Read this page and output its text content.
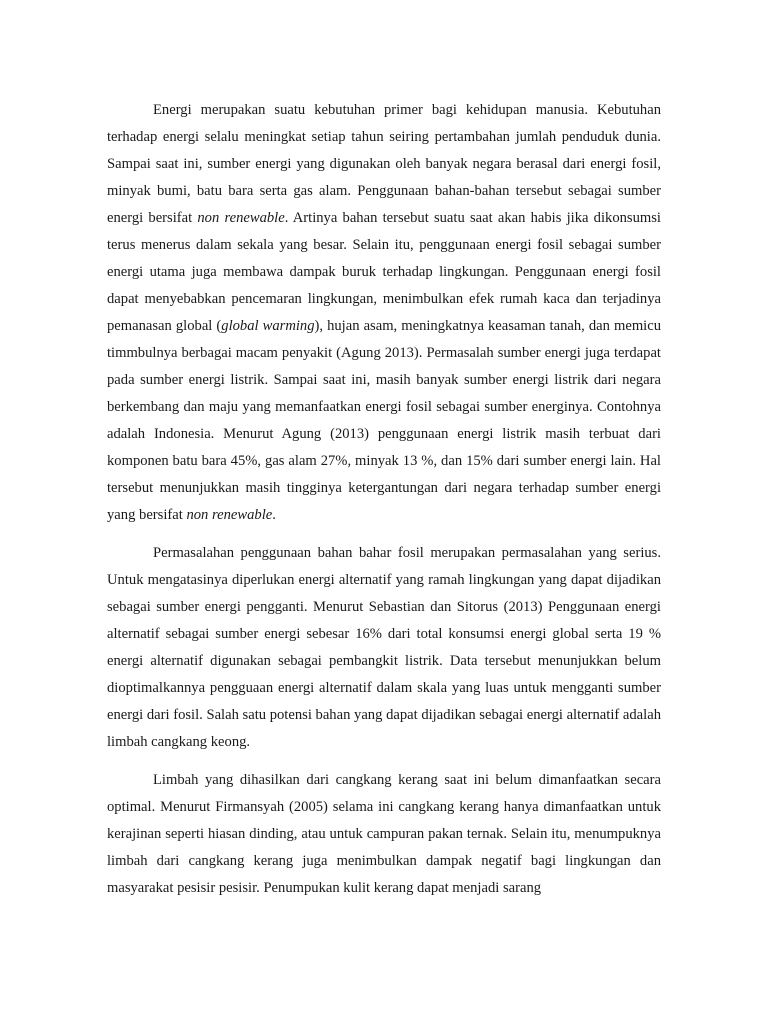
Energi merupakan suatu kebutuhan primer bagi kehidupan manusia. Kebutuhan terhadap energi selalu meningkat setiap tahun seiring pertambahan jumlah penduduk dunia. Sampai saat ini, sumber energi yang digunakan oleh banyak negara berasal dari energi fosil, minyak bumi, batu bara serta gas alam. Penggunaan bahan-bahan tersebut sebagai sumber energi bersifat non renewable. Artinya bahan tersebut suatu saat akan habis jika dikonsumsi terus menerus dalam sekala yang besar. Selain itu, penggunaan energi fosil sebagai sumber energi utama juga membawa dampak buruk terhadap lingkungan. Penggunaan energi fosil dapat menyebabkan pencemaran lingkungan, menimbulkan efek rumah kaca dan terjadinya pemanasan global (global warming), hujan asam, meningkatnya keasaman tanah, dan memicu timmbulnya berbagai macam penyakit (Agung 2013). Permasalah sumber energi juga terdapat pada sumber energi listrik. Sampai saat ini, masih banyak sumber energi listrik dari negara berkembang dan maju yang memanfaatkan energi fosil sebagai sumber energinya. Contohnya adalah Indonesia. Menurut Agung (2013) penggunaan energi listrik masih terbuat dari komponen batu bara 45%, gas alam 27%, minyak 13 %, dan 15% dari sumber energi lain. Hal tersebut menunjukkan masih tingginya ketergantungan dari negara terhadap sumber energi yang bersifat non renewable.

Permasalahan penggunaan bahan bahar fosil merupakan permasalahan yang serius. Untuk mengatasinya diperlukan energi alternatif yang ramah lingkungan yang dapat dijadikan sebagai sumber energi pengganti. Menurut Sebastian dan Sitorus (2013) Penggunaan energi alternatif sebagai sumber energi sebesar 16% dari total konsumsi energi global serta 19 % energi alternatif digunakan sebagai pembangkit listrik. Data tersebut menunjukkan belum dioptimalkannya pengguaan energi alternatif dalam skala yang luas untuk mengganti sumber energi dari fosil. Salah satu potensi bahan yang dapat dijadikan sebagai energi alternatif adalah limbah cangkang keong.

Limbah yang dihasilkan dari cangkang kerang saat ini belum dimanfaatkan secara optimal. Menurut Firmansyah (2005) selama ini cangkang kerang hanya dimanfaatkan untuk kerajinan seperti hiasan dinding, atau untuk campuran pakan ternak. Selain itu, menumpuknya limbah dari cangkang kerang juga menimbulkan dampak negatif bagi lingkungan dan masyarakat pesisir pesisir. Penumpukan kulit kerang dapat menjadi sarang
